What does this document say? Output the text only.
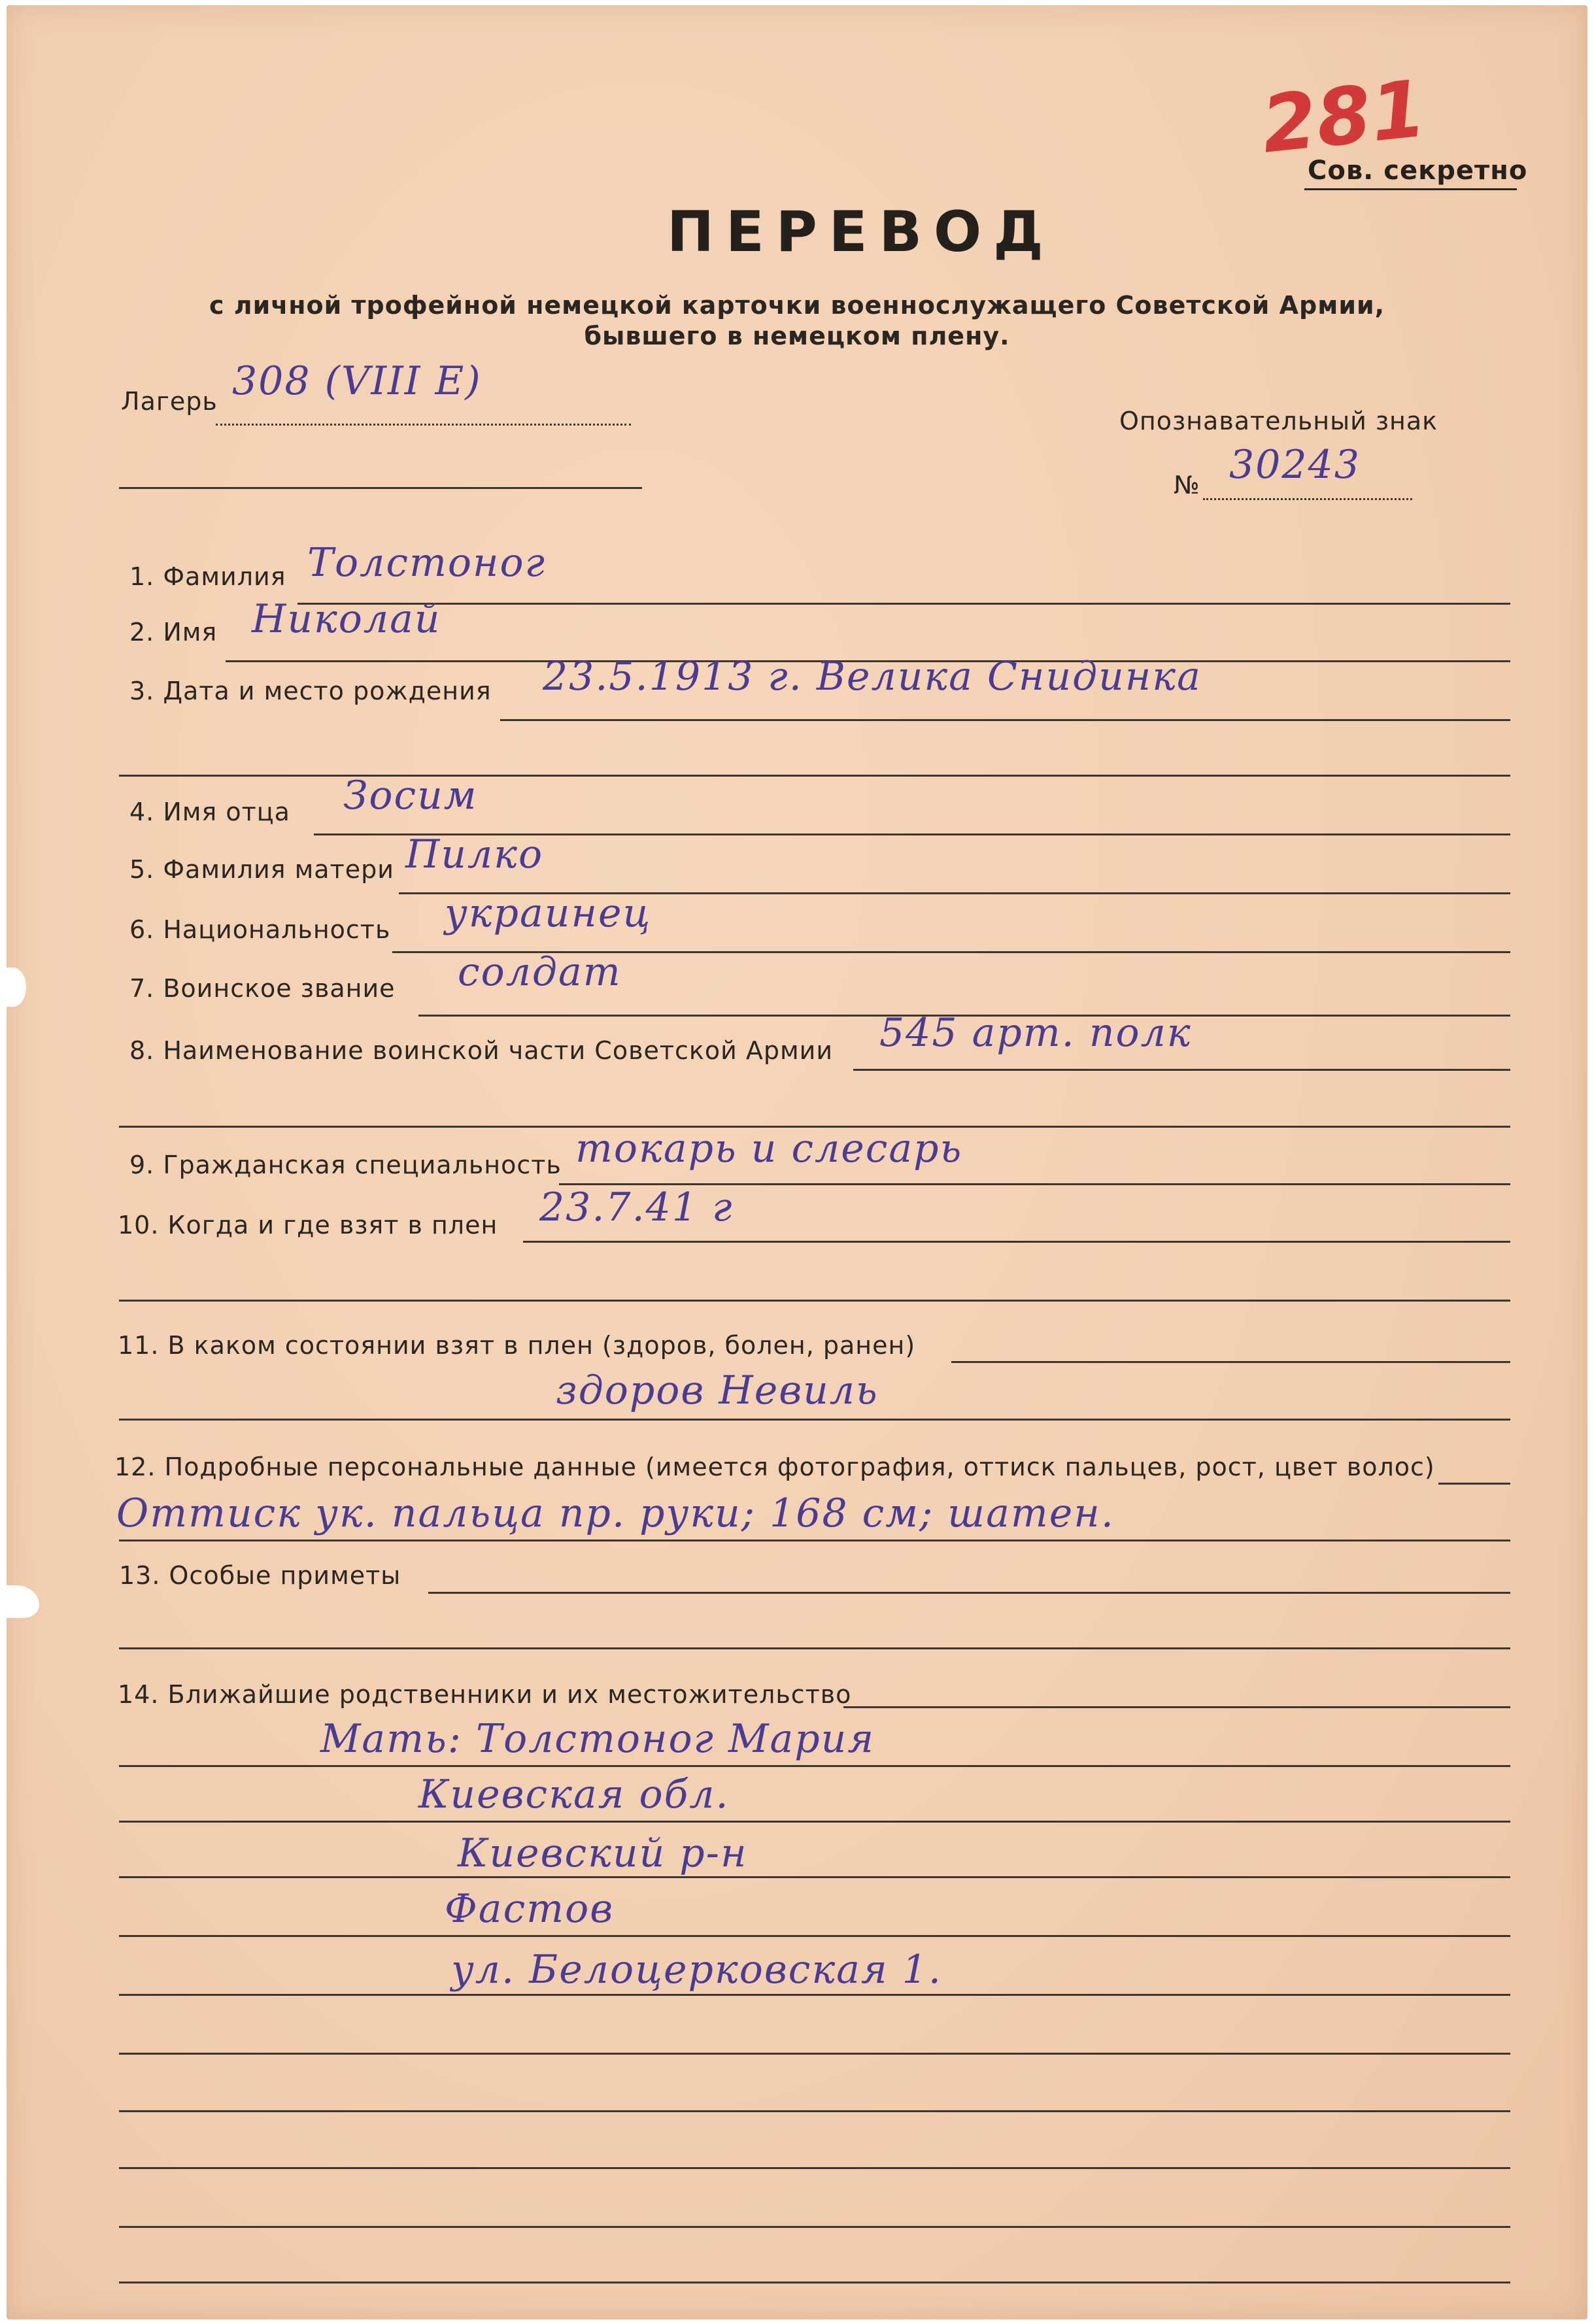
281
Сов. секретно
ПЕРЕВОД
с личной трофейной немецкой карточки военнослужащего Советской Армии,
бывшего в немецком плену.
Лагерь 308 (VIII E)
Опознавательный знак
№ 30243
1. Фамилия Толстоног
2. Имя Николай
3. Дата и место рождения 23.5.1913 г. Велика Снидинка
4. Имя отца Зосим
5. Фамилия матери Пилко
6. Национальность украинец
7. Воинское звание солдат
8. Наименование воинской части Советской Армии 545 арт. полк
9. Гражданская специальность токарь и слесарь
10. Когда и где взят в плен 23.7.41 г
11. В каком состоянии взят в плен (здоров, болен, ранен)
здоров Невиль
12. Подробные персональные данные (имеется фотография, оттиск пальцев, рост, цвет волос)
Оттиск ук. пальца пр. руки; 168 см; шатен.
13. Особые приметы
14. Ближайшие родственники и их местожительство
Мать: Толстоног Мария
Киевская обл.
Киевский р-н
Фастов
ул. Белоцерковская 1.
